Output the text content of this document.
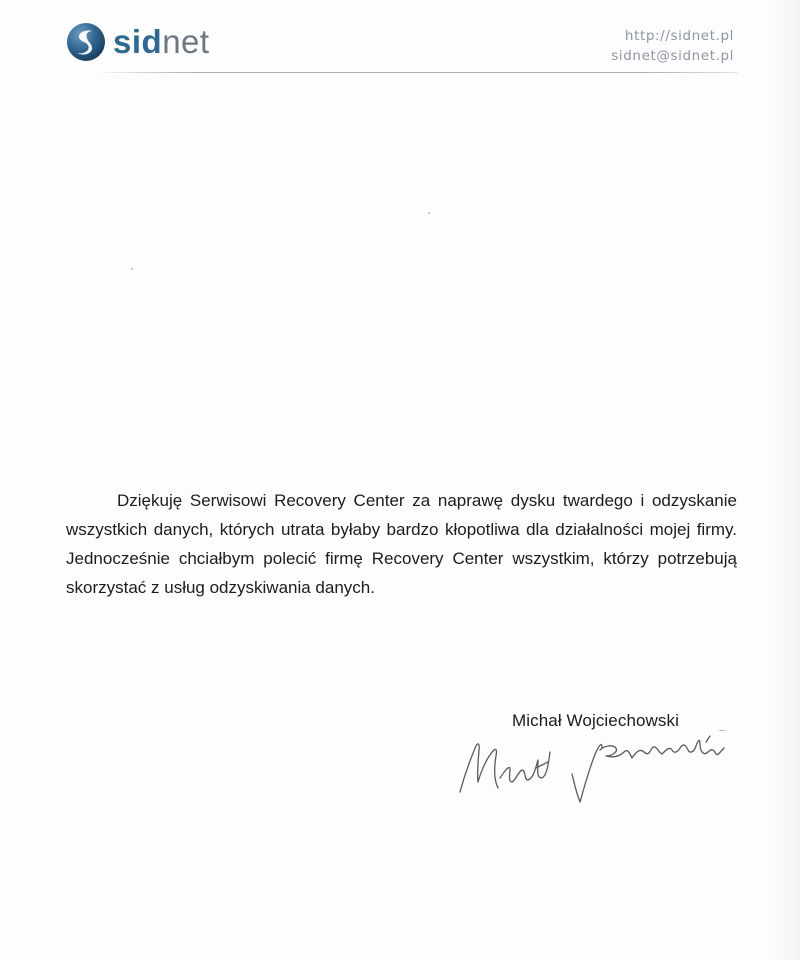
sidnet	http://sidnet.pl
sidnet@sidnet.pl

Dziękuję Serwisowi Recovery Center za naprawę dysku twardego i odzyskanie wszystkich danych, których utrata byłaby bardzo kłopotliwa dla działalności mojej firmy. Jednocześnie chciałbym polecić firmę Recovery Center wszystkim, którzy potrzebują skorzystać z usług odzyskiwania danych.

Michał Wojciechowski
